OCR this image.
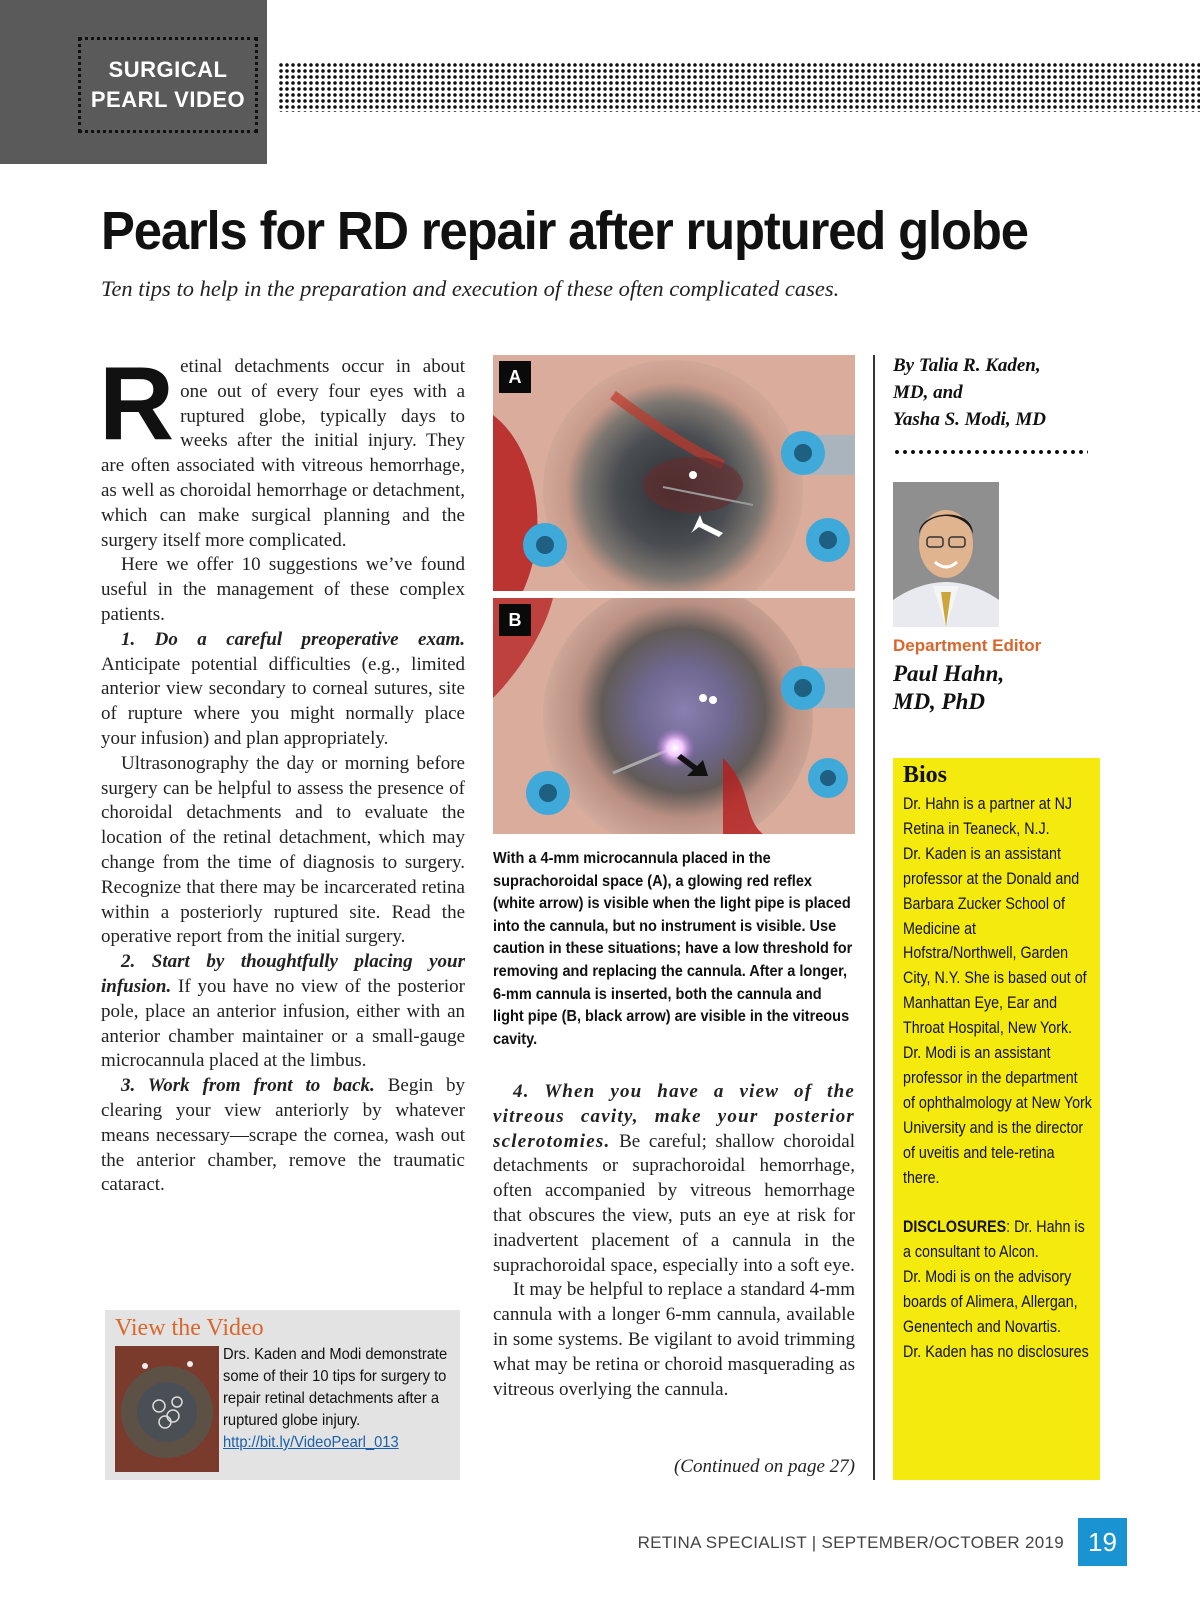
SURGICAL
PEARL VIDEO
Pearls for RD repair after ruptured globe

Ten tips to help in the preparation and execution of these often complicated cases.

Retinal detachments occur in about one out of every four eyes with a ruptured globe, typically days to weeks after the initial injury. They are often associated with vitreous hemorrhage, as well as choroidal hemorrhage or detachment, which can make surgical planning and the surgery itself more complicated.

Here we offer 10 suggestions we’ve found useful in the management of these complex patients.

1. Do a careful preoperative exam. Anticipate potential difficulties (e.g., limited anterior view secondary to corneal sutures, site of rupture where you might normally place your infusion) and plan appropriately.

Ultrasonography the day or morning before surgery can be helpful to assess the presence of choroidal detachments and to evaluate the location of the retinal detachment, which may change from the time of diagnosis to surgery. Recognize that there may be incarcerated retina within a posteriorly ruptured site. Read the operative report from the initial surgery.

2. Start by thoughtfully placing your infusion. If you have no view of the posterior pole, place an anterior infusion, either with an anterior chamber maintainer or a small-gauge microcannula placed at the limbus.

3. Work from front to back. Begin by clearing your view anteriorly by whatever means necessary—scrape the cornea, wash out the anterior chamber, remove the traumatic cataract.

View the Video
Drs. Kaden and Modi demonstrate some of their 10 tips for surgery to repair retinal detachments after a ruptured globe injury.
http://bit.ly/VideoPearl_013
A
B
With a 4-mm microcannula placed in the suprachoroidal space (A), a glowing red reflex (white arrow) is visible when the light pipe is placed into the cannula, but no instrument is visible. Use caution in these situations; have a low threshold for removing and replacing the cannula. After a longer, 6-mm cannula is inserted, both the cannula and light pipe (B, black arrow) are visible in the vitreous cavity.

4. When you have a view of the vitreous cavity, make your posterior sclerotomies. Be careful; shallow choroidal detachments or suprachoroidal hemorrhage, often accompanied by vitreous hemorrhage that obscures the view, puts an eye at risk for inadvertent placement of a cannula in the suprachoroidal space, especially into a soft eye.

It may be helpful to replace a standard 4-mm cannula with a longer 6-mm cannula, available in some systems. Be vigilant to avoid trimming what may be retina or choroid masquerading as vitreous overlying the cannula.

(Continued on page 27)
By Talia R. Kaden,
MD, and
Yasha S. Modi, MD
Department Editor
Paul Hahn,
MD, PhD
Bios
Dr. Hahn is a partner at NJ Retina in Teaneck, N.J.
Dr. Kaden is an assistant professor at the Donald and Barbara Zucker School of Medicine at Hofstra/Northwell, Garden City, N.Y. She is based out of Manhattan Eye, Ear and Throat Hospital, New York.
Dr. Modi is an assistant professor in the department of ophthalmology at New York University and is the director of uveitis and tele-retina there.
DISCLOSURES: Dr. Hahn is a consultant to Alcon.
Dr. Modi is on the advisory boards of Alimera, Allergan, Genentech and Novartis.
Dr. Kaden has no disclosures
RETINA SPECIALIST | SEPTEMBER/OCTOBER 2019 19
